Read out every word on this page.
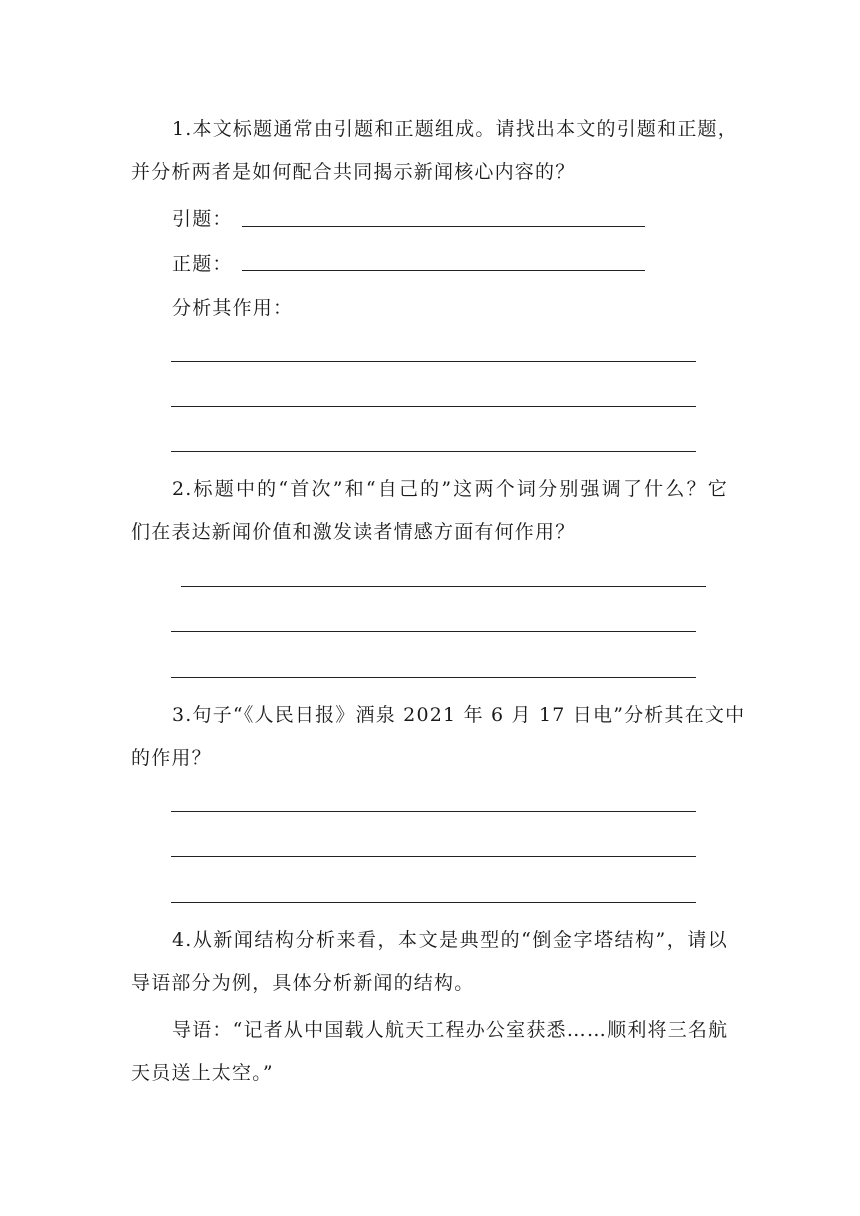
1.本文标题通常由引题和正题组成。请找出本文的引题和正题，
并分析两者是如何配合共同揭示新闻核心内容的？
引题：
正题：
分析其作用：
2.标题中的“首次”和“自己的”这两个词分别强调了什么？它
们在表达新闻价值和激发读者情感方面有何作用？
3.句子“《人民日报》酒泉 2021 年 6 月 17 日电”分析其在文中
的作用？
4.从新闻结构分析来看，本文是典型的“倒金字塔结构”，请以
导语部分为例，具体分析新闻的结构。
导语：“记者从中国载人航天工程办公室获悉……顺利将三名航
天员送上太空。”
